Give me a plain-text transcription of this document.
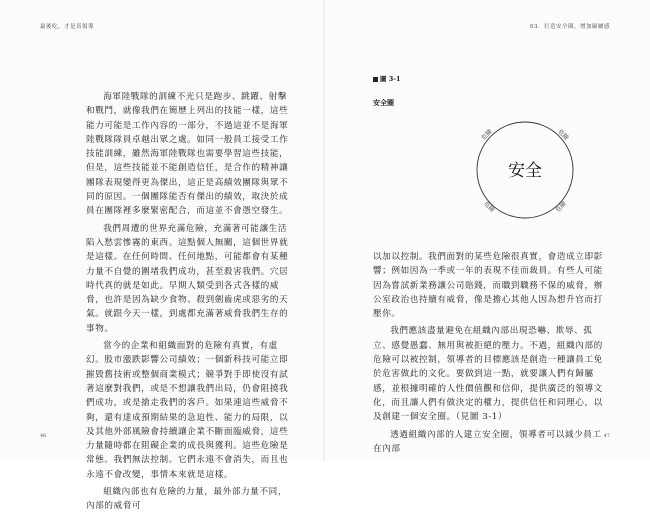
最後吃，才是真領導

海軍陸戰隊的訓練不光只是跑步、跳躍、射擊和戰鬥，就像我們在簡歷上列出的技能一樣，這些能力可能是工作內容的一部分，不過這並不是海軍陸戰隊隊員卓越出眾之處。如同一般員工接受工作技能訓練，雖然海軍陸戰隊也需要學習這些技能，但是，這些技能並不能創造信任，是合作的精神讓團隊表現變得更為傑出，這正是高績效團隊與眾不同的原因。一個團隊能否有傑出的績效，取決於成員在團隊裡多麼緊密配合，而這並不會憑空發生。

我們周遭的世界充滿危險，充滿著可能讓生活陷入愁雲慘霧的東西。這點個人無關，這個世界就是這樣。在任何時間、任何地點，可能都會有某種力量不自覺的圍堵我們成功，甚至殺害我們。穴居時代真的就是如此。早期人類受到各式各樣的威脅，也許是因為缺少食物、殺到劍齒虎或惡劣的天氣。就跟今天一樣，到處都充滿著威脅我們生存的事物。

當今的企業和組織面對的危險有真實，有虛幻。股市漲跌影響公司績效；一個新科技可能立即摧毀舊技術或整個商業模式；競爭對手即使沒有試著這麼對我們，或是不想讓我們出局，仍會阻撓我們成功，或是搶走我們的客戶。如果連這些威脅不夠，還有達成預期結果的急迫性、能力的局限，以及其他外部風險會持續讓企業不斷面臨威脅，這些力量隨時都在阻礙企業的成長與獲利。這些危險是常態。我們無法控制。它們永遠不會消失，而且也永遠不會改變，事情本來就是這樣。

組織內部也有危險的力量，最外部力量不同，內部的威脅可

46
03．打造安全圈，增加歸屬感
圖 3-1
安全圈
安全
危險	危險
危險	危險

以加以控制。我們面對的某些危險很真實，會造成立即影響；例如因為一季或一年的表現不佳而裁員。有些人可能因為嘗試新業務讓公司賠錢，而職到職務不保的威脅，辦公室政治也持續有威脅，像是擔心其他人因為想升官而打壓你。

我們應該盡量避免在組織內部出現恐嚇、欺辱、孤立、感覺愚蠢、無用與被拒絕的壓力。不過，組織內部的危險可以被控制，領導者的目標應該是創造一種讓員工免於危害做此的文化。要做到這一點，就要讓人們有歸屬感，並根據明確的人性價值觀和信仰，提供廣泛的領導文化，而且讓人們有做決定的權力，提供信任和同理心，以及創建一個安全圈。（見圖 3-1）

透過組織內部的人建立安全圈，領導者可以減少員工在內部

47
